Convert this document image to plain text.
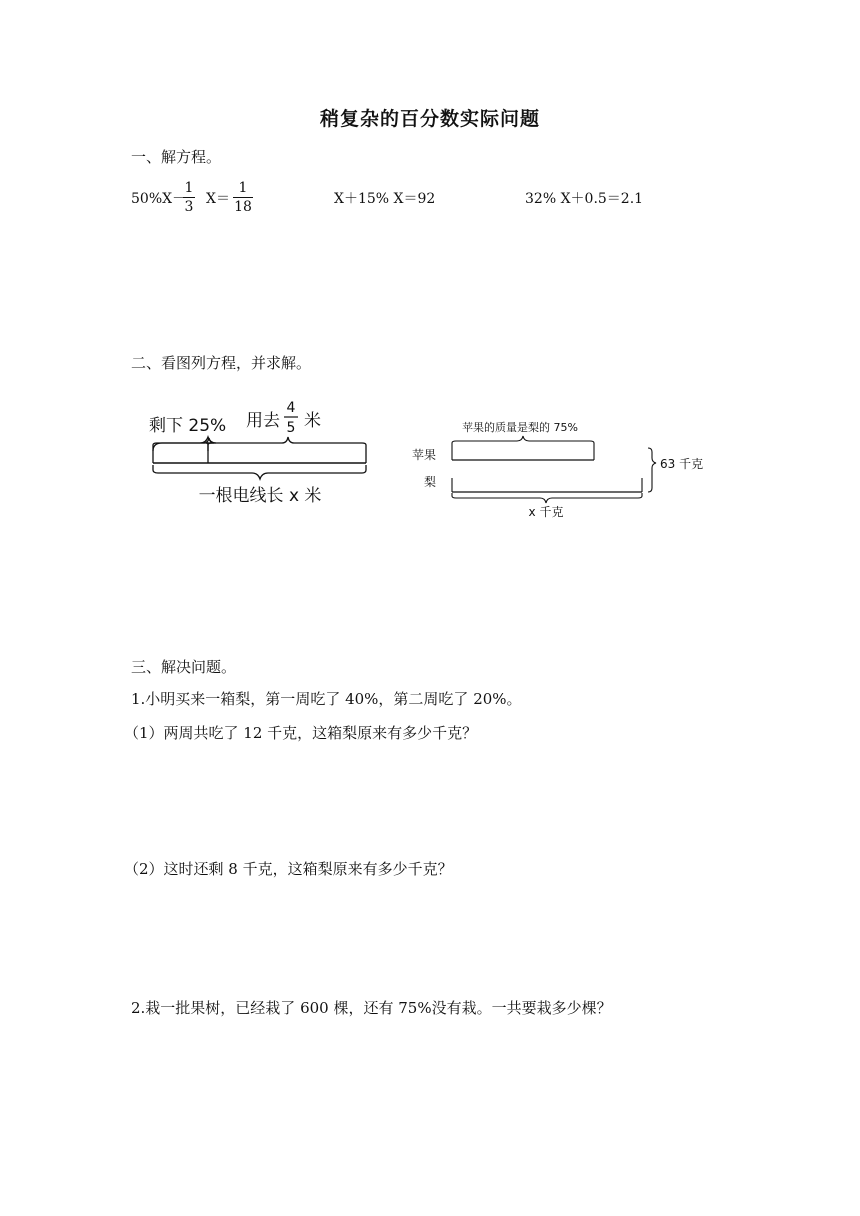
稍复杂的百分数实际问题
一、解方程。
50%X－
1
3 X＝
1
18	X＋15% X＝92	32% X＋0.5＝2.1
二、看图列方程，并求解。
剩下 25% 用去
4
5 米
一根电线长 x 米
苹果的质量是梨的 75%
苹果
梨
x 千克
63 千克
三、解决问题。
1.小明买来一箱梨，第一周吃了 40%，第二周吃了 20%。
（1）两周共吃了 12 千克，这箱梨原来有多少千克？
（2）这时还剩 8 千克，这箱梨原来有多少千克？
2.栽一批果树，已经栽了 600 棵，还有 75%没有栽。一共要栽多少棵？
